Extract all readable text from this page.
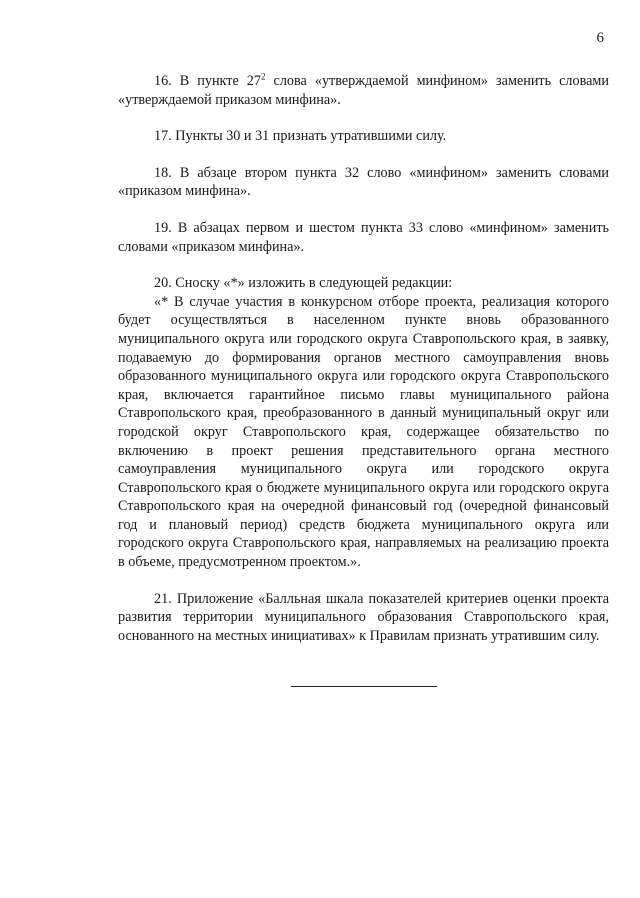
6

16. В пункте $27^2$ слова «утверждаемой минфином» заменить словами «утверждаемой приказом минфина».

17. Пункты 30 и 31 признать утратившими силу.

18. В абзаце втором пункта 32 слово «минфином» заменить словами «приказом минфина».

19. В абзацах первом и шестом пункта 33 слово «минфином» заменить словами «приказом минфина».

20. Сноску «*» изложить в следующей редакции:

«* В случае участия в конкурсном отборе проекта, реализация которого будет осуществляться в населенном пункте вновь образованного муниципального округа или городского округа Ставропольского края, в заявку, подаваемую до формирования органов местного самоуправления вновь образованного муниципального округа или городского округа Ставропольского края, включается гарантийное письмо главы муниципального района Ставропольского края, преобразованного в данный муниципальный округ или городской округ Ставропольского края, содержащее обязательство по включению в проект решения представительного органа местного самоуправления муниципального округа или городского округа Ставропольского края о бюджете муниципального округа или городского округа Ставропольского края на очередной финансовый год (очередной финансовый год и плановый период) средств бюджета муниципального округа или городского округа Ставропольского края, направляемых на реализацию проекта в объеме, предусмотренном проектом.».

21. Приложение «Балльная шкала показателей критериев оценки проекта развития территории муниципального образования Ставропольского края, основанного на местных инициативах» к Правилам признать утратившим силу.
